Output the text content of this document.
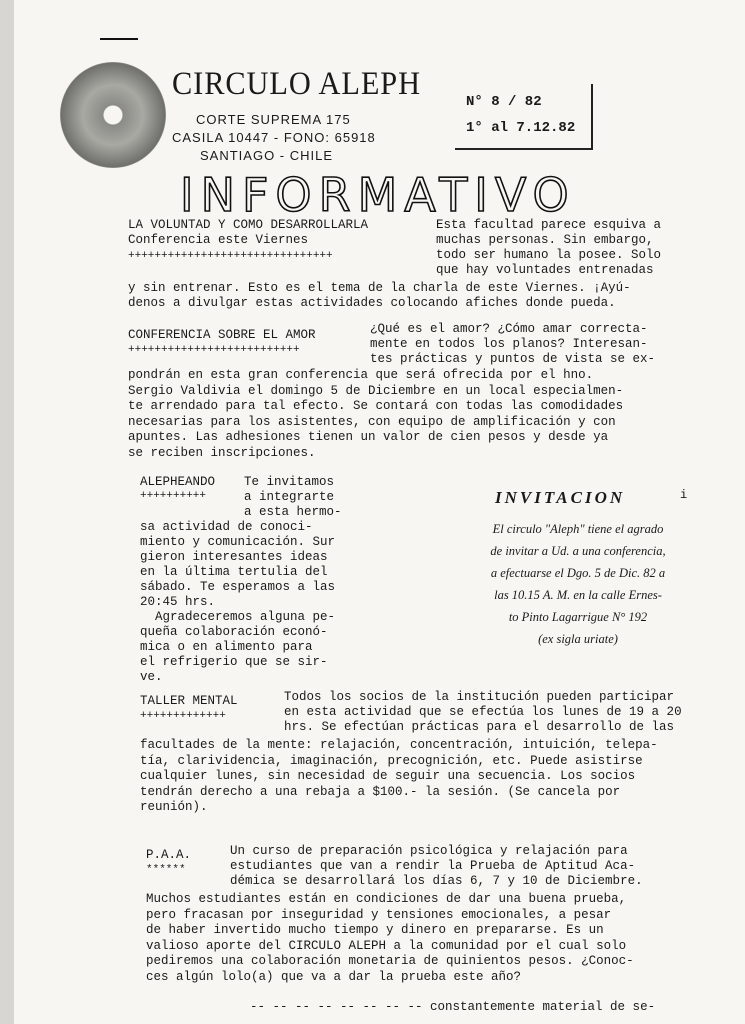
CIRCULO ALEPH

CORTE SUPREMA 175

CASILA 10447 - FONO: 65918

SANTIAGO - CHILE

N° 8 / 82

1° al 7.12.82

INFORMATIVO

LA VOLUNTAD Y COMO DESARROLLARLA

Conferencia este Viernes

+++++++++++++++++++++++++++++++

Esta facultad parece esquiva a
muchas personas. Sin embargo,
todo ser humano la posee. Solo
que hay voluntades entrenadas

y sin entrenar. Esto es el tema de la charla de este Viernes. ¡Ayú-
denos a divulgar estas actividades colocando afiches donde pueda.

CONFERENCIA SOBRE EL AMOR

++++++++++++++++++++++++++

¿Qué es el amor? ¿Cómo amar correcta-
mente en todos los planos? Interesan-
tes prácticas y puntos de vista se ex-

pondrán en esta gran conferencia que será ofrecida por el hno.
Sergio Valdivia el domingo 5 de Diciembre en un local especialmen-
te arrendado para tal efecto. Se contará con todas las comodidades
necesarias para los asistentes, con equipo de amplificación y con
apuntes. Las adhesiones tienen un valor de cien pesos y desde ya
se reciben inscripciones.

ALEPHEANDO

++++++++++

Te invitamos
a integrarte
a esta hermo-

sa actividad de conoci-
miento y comunicación. Sur
gieron interesantes ideas
en la última tertulia del
sábado. Te esperamos a las
20:45 hrs.
Agradeceremos alguna pe-
queña colaboración econó-
mica o en alimento para
el refrigerio que se sir-
ve.

INVITACION	i

El circulo "Aleph" tiene el agrado
de invitar a Ud. a una conferencia,
a efectuarse el Dgo. 5 de Dic. 82 a
las 10.15 A. M. en la calle Ernes-
to Pinto Lagarrigue N° 192
(ex sigla uriate)

TALLER MENTAL

+++++++++++++

Todos los socios de la institución pueden participar
en esta actividad que se efectúa los lunes de 19 a 20
hrs. Se efectúan prácticas para el desarrollo de las

facultades de la mente: relajación, concentración, intuición, telepa-
tía, clarividencia, imaginación, precognición, etc. Puede asistirse
cualquier lunes, sin necesidad de seguir una secuencia. Los socios
tendrán derecho a una rebaja a $100.- la sesión. (Se cancela por
reunión).

P.A.A.

******

Un curso de preparación psicológica y relajación para
estudiantes que van a rendir la Prueba de Aptitud Aca-
démica se desarrollará los días 6, 7 y 10 de Diciembre.

Muchos estudiantes están en condiciones de dar una buena prueba,
pero fracasan por inseguridad y tensiones emocionales, a pesar
de haber invertido mucho tiempo y dinero en prepararse. Es un
valioso aporte del CIRCULO ALEPH a la comunidad por el cual solo
pediremos una colaboración monetaria de quinientos pesos. ¿Conoc-
ces algún lolo(a) que va a dar la prueba este año?

-- -- -- -- -- -- -- -- constantemente material de se-
